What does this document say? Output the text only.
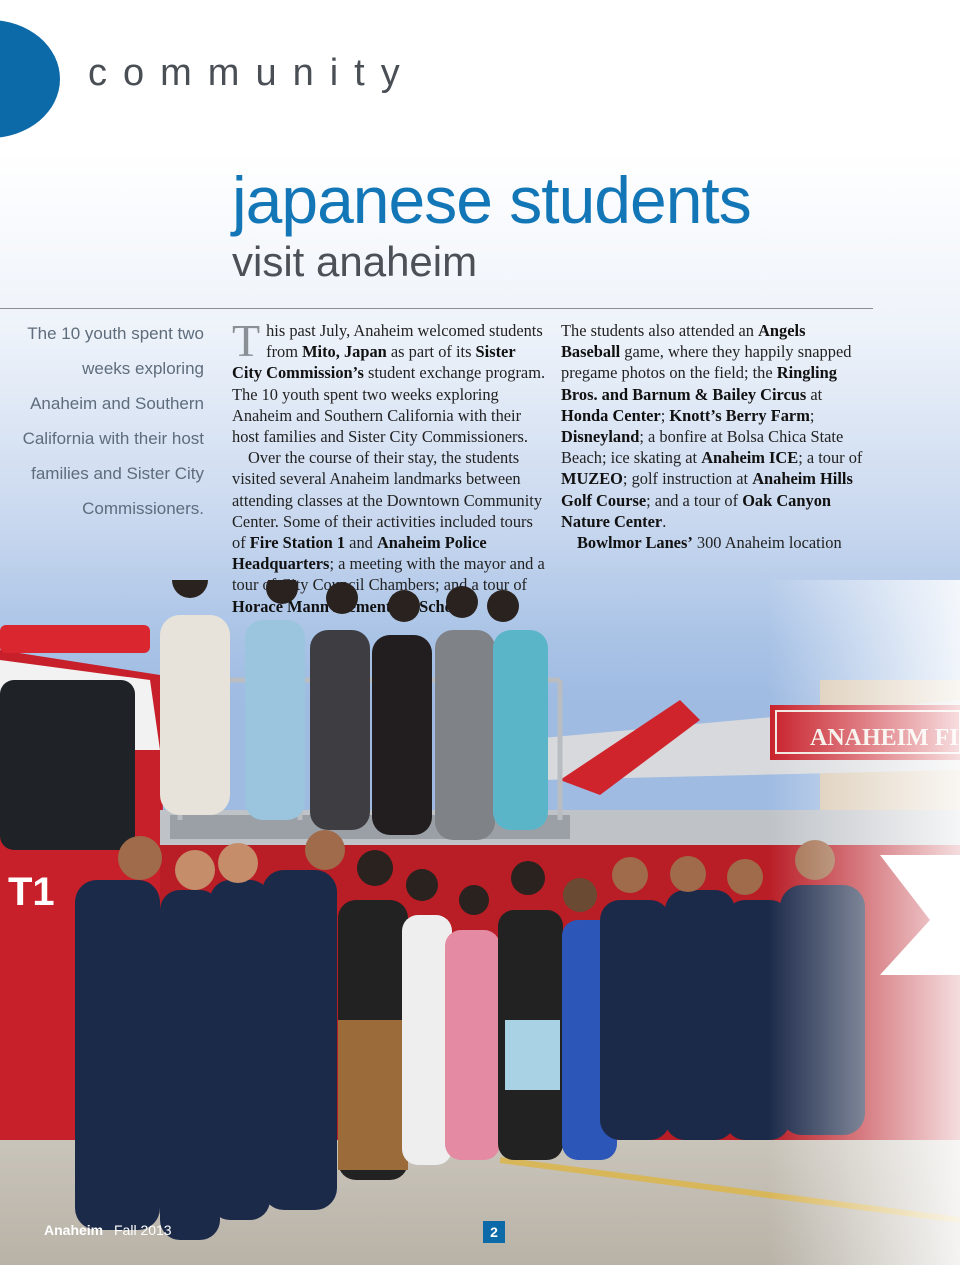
community
japanese students
visit anaheim
The 10 youth spent two weeks exploring Anaheim and Southern California with their host families and Sister City Commissioners.

This past July, Anaheim welcomed students from Mito, Japan as part of its Sister City Commission’s student exchange program. The 10 youth spent two weeks exploring Anaheim and Southern California with their host families and Sister City Commissioners.

Over the course of their stay, the students visited several Anaheim landmarks between attending classes at the Downtown Community Center. Some of their activities included tours of Fire Station 1 and Anaheim Police Headquarters; a meeting with the mayor and a

The students also attended an Angels Baseball game, where they happily snapped pregame photos on the field; the Ringling Bros. and Barnum & Bailey Circus at Honda Center; Knott’s Berry Farm; Disneyland; a bonfire at Bolsa Chica State Beach; ice skating at Anaheim ICE; a tour of MUZEO; golf instruction at Anaheim Hills Golf Course; and a tour of Oak Canyon Nature Center.

Bowlmor Lanes’ 300 Anaheim location

Anaheim Fall 2013	2
